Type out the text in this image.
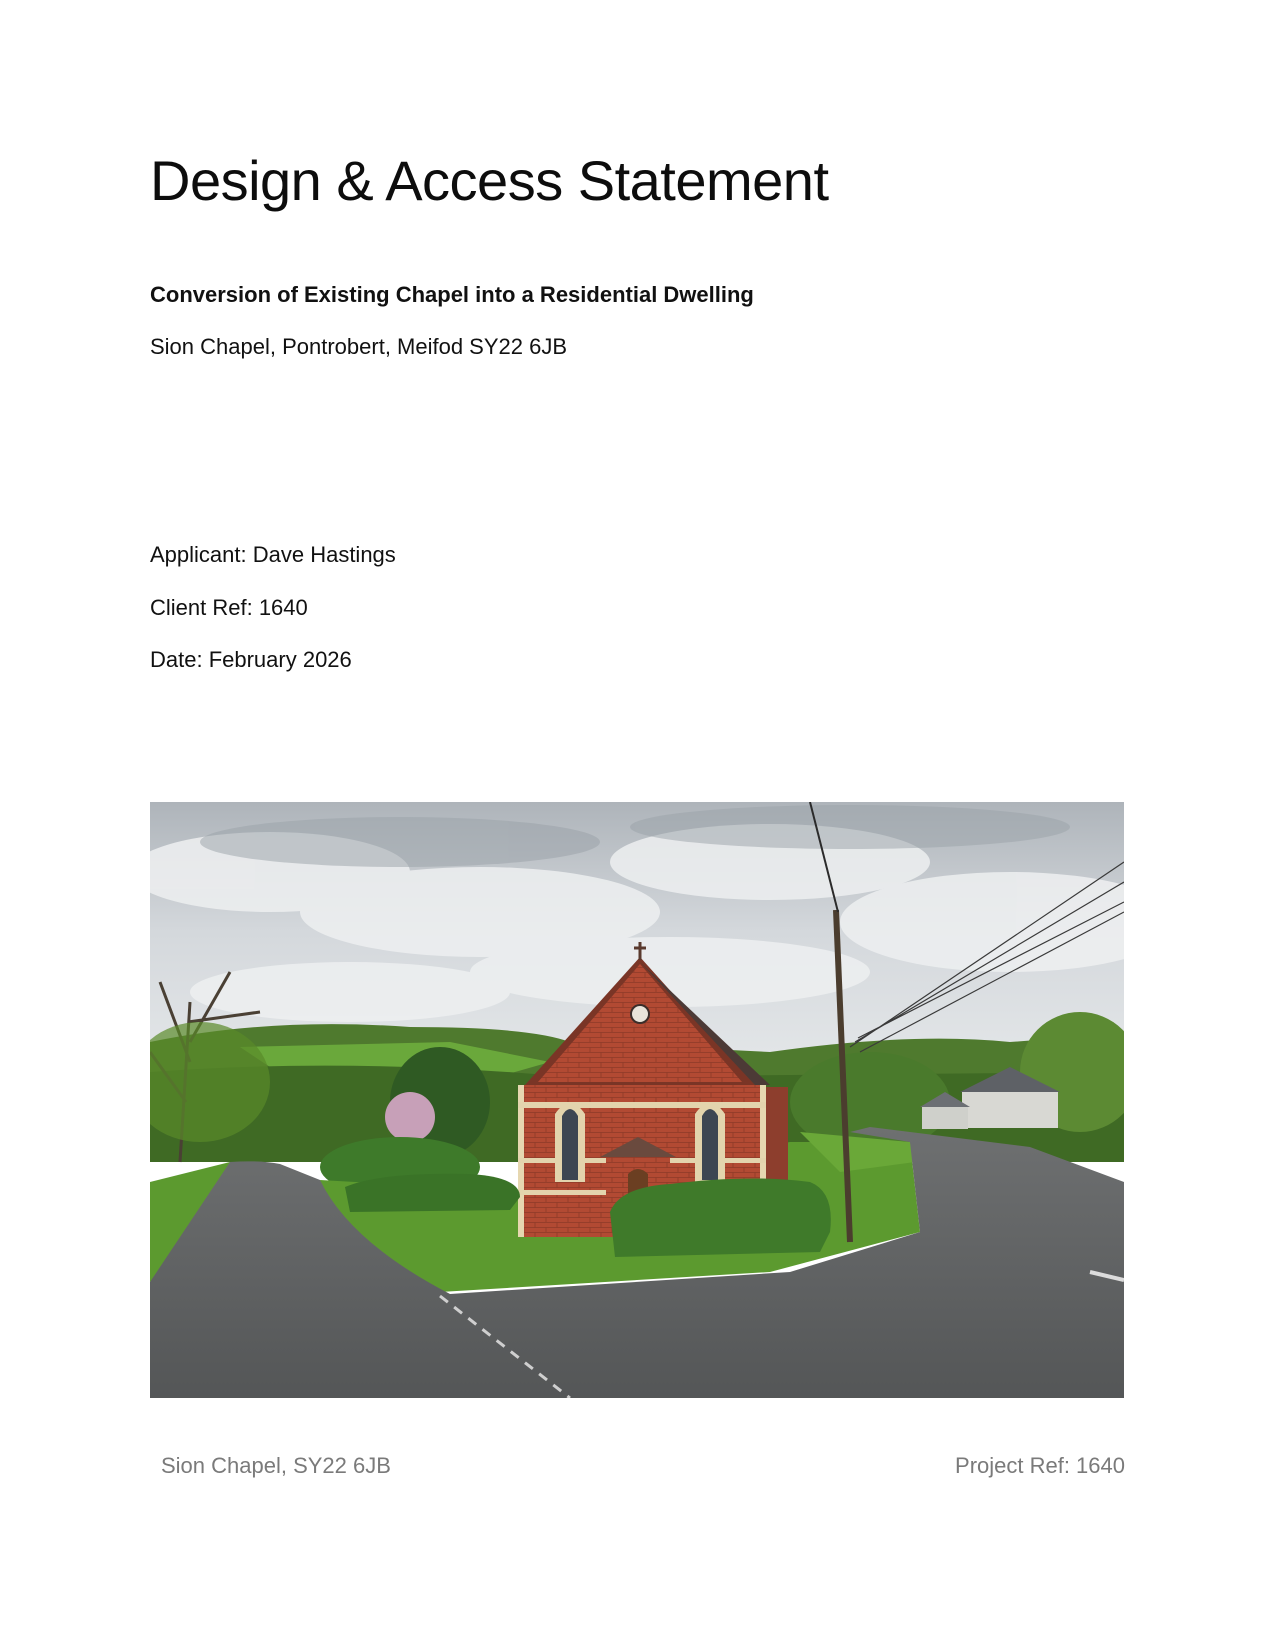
Design & Access Statement

Conversion of Existing Chapel into a Residential Dwelling

Sion Chapel, Pontrobert, Meifod SY22 6JB

Applicant: Dave Hastings

Client Ref: 1640

Date: February 2026

Sion Chapel, SY22 6JB	Project Ref: 1640
